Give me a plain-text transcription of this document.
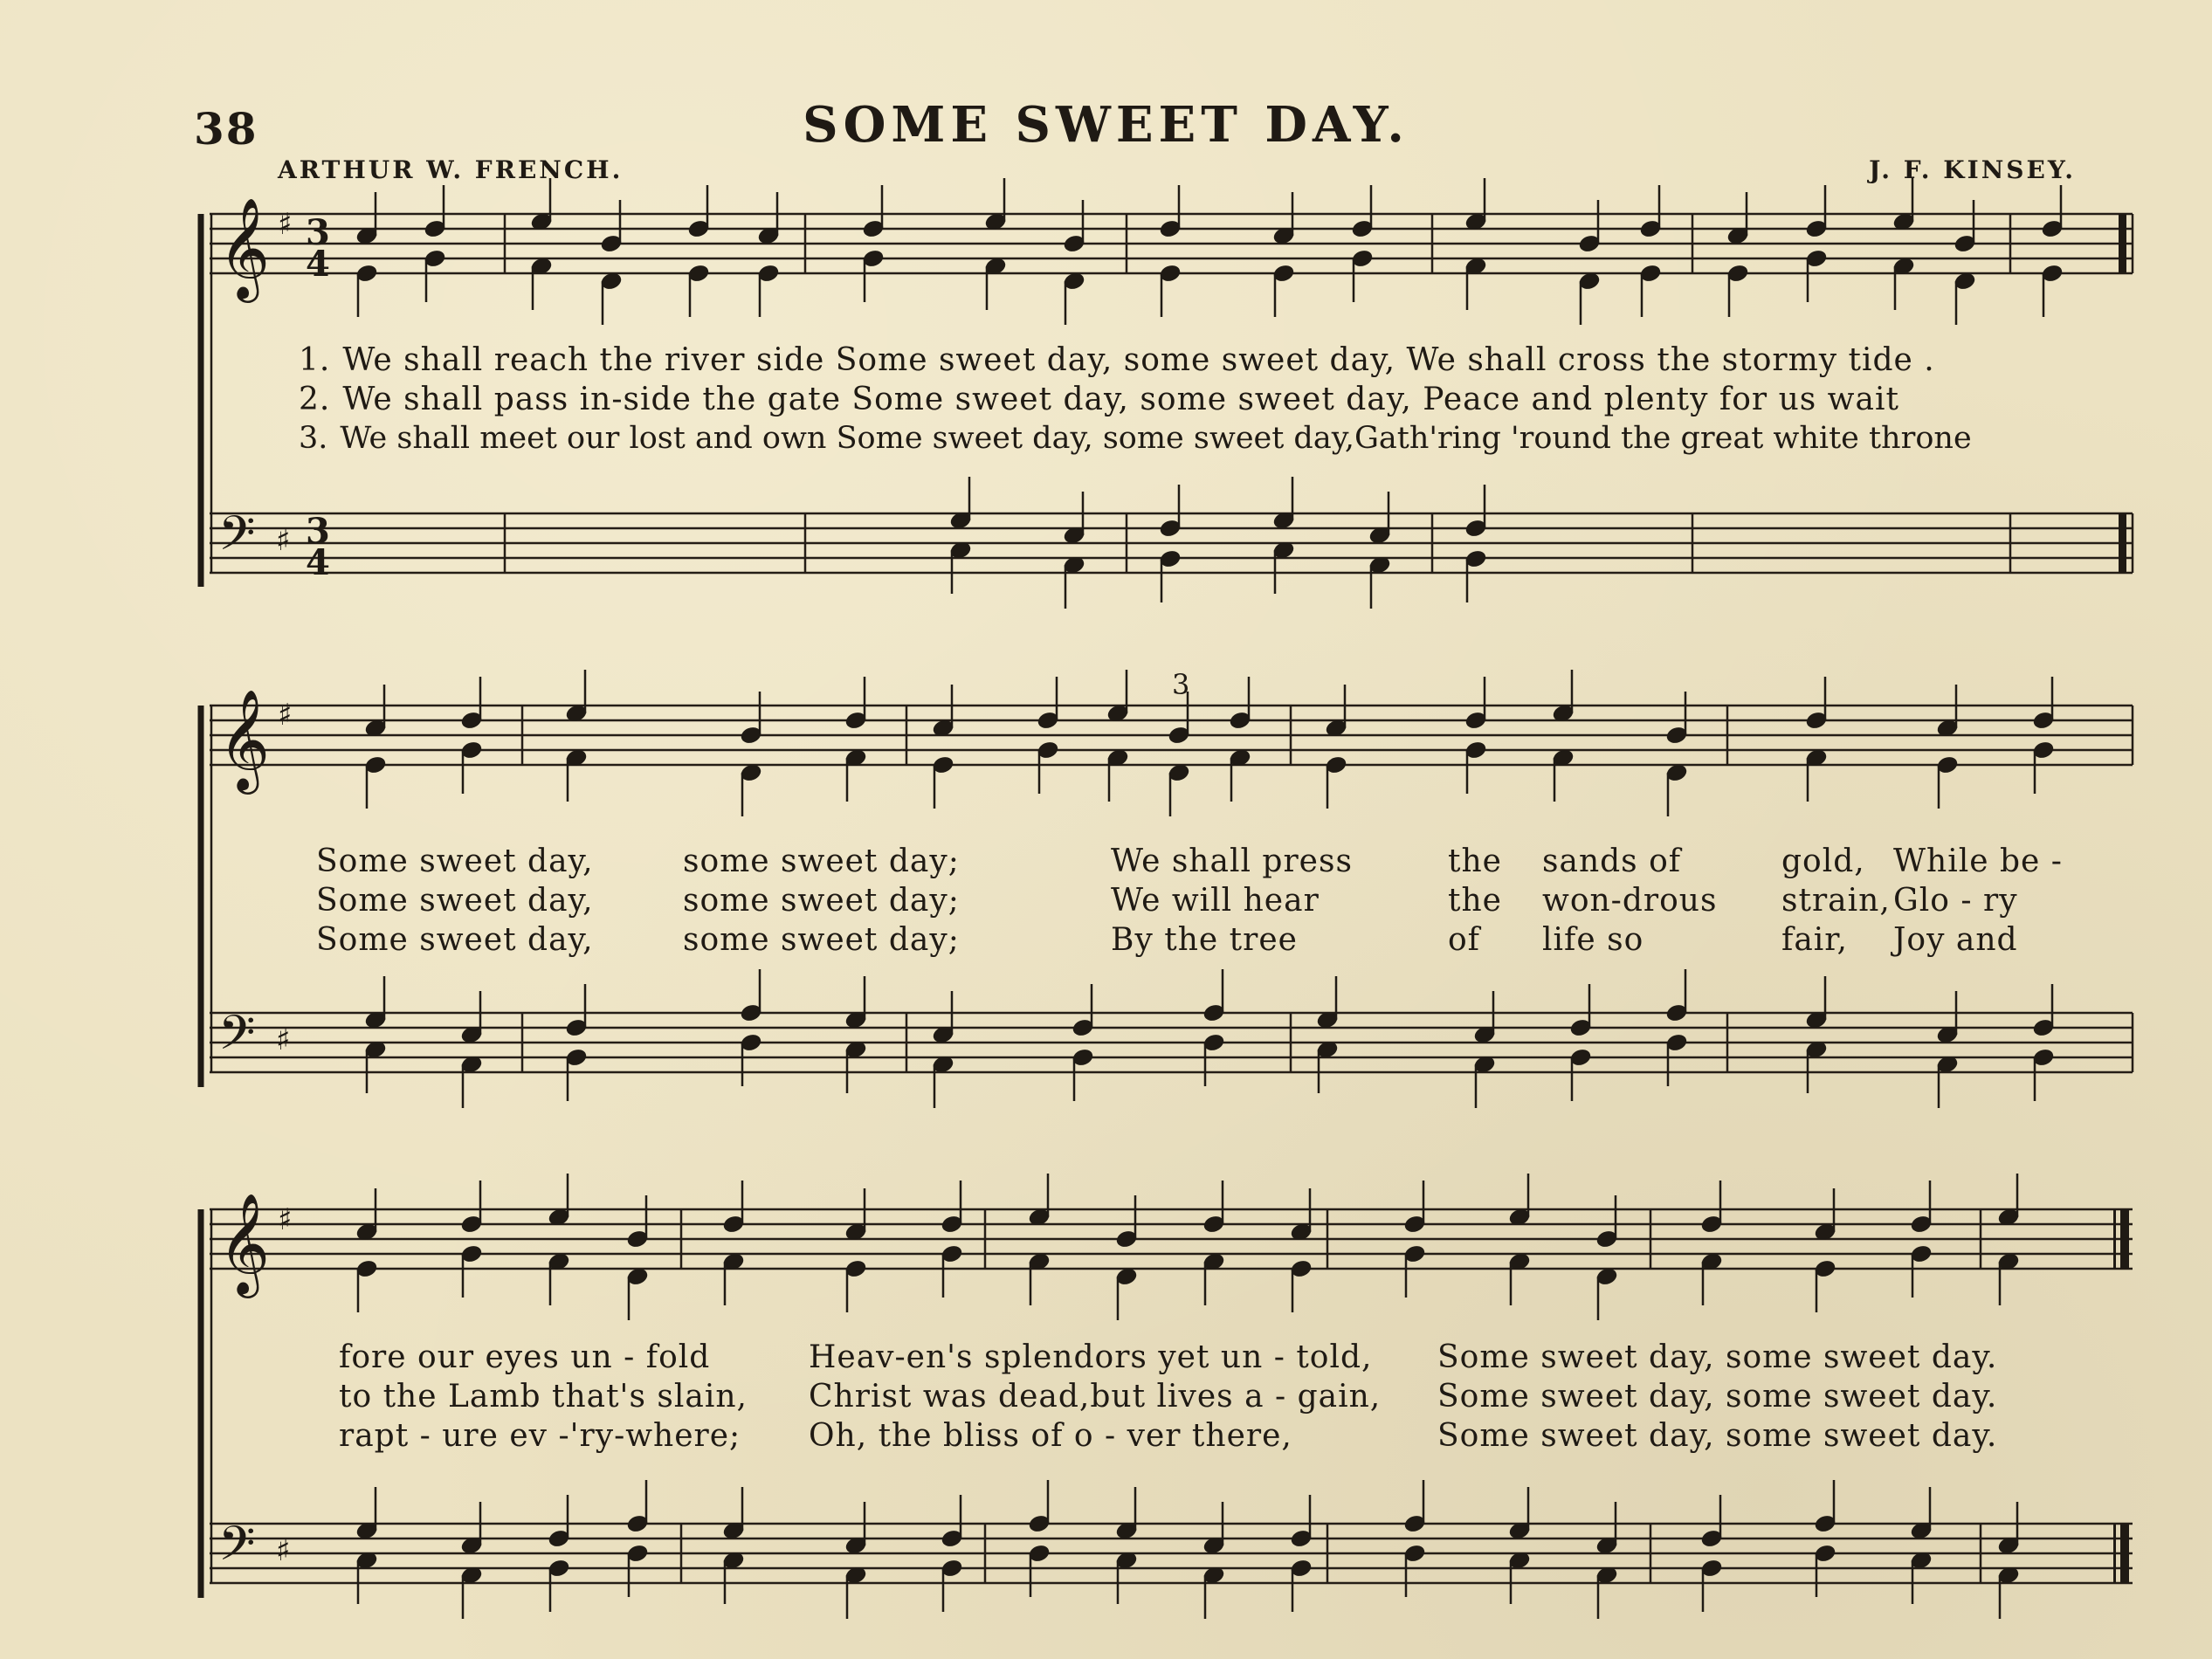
38	SOME SWEET DAY.
ARTHUR W. FRENCH.	J. F. KINSEY.
𝄞
𝄢
𝄞
𝄢
𝄞
𝄢
♯
♯
♯
♯
♯
♯
3
4
3
4
3
1. We shall reach the river side Some sweet day, some sweet day, We shall cross the stormy tide .
2. We shall pass in-side the gate Some sweet day, some sweet day, Peace and plenty for us wait
3. We shall meet our lost and own Some sweet day, some sweet day,Gath'ring 'round the great white throne
Some sweet day,	some sweet day;	We shall press	the sands of	gold, While be -
Some sweet day,	some sweet day;	We will hear	the won-drous strain, Glo - ry
Some sweet day,	some sweet day;	By the tree	of life so	fair, Joy and
fore our eyes un - fold	Heav-en's splendors yet un - told, Some sweet day, some sweet day.
to the Lamb that's slain, Christ was dead,but lives a - gain, Some sweet day, some sweet day.
rapt - ure ev -'ry-where; Oh, the bliss of o - ver there,	Some sweet day, some sweet day.
